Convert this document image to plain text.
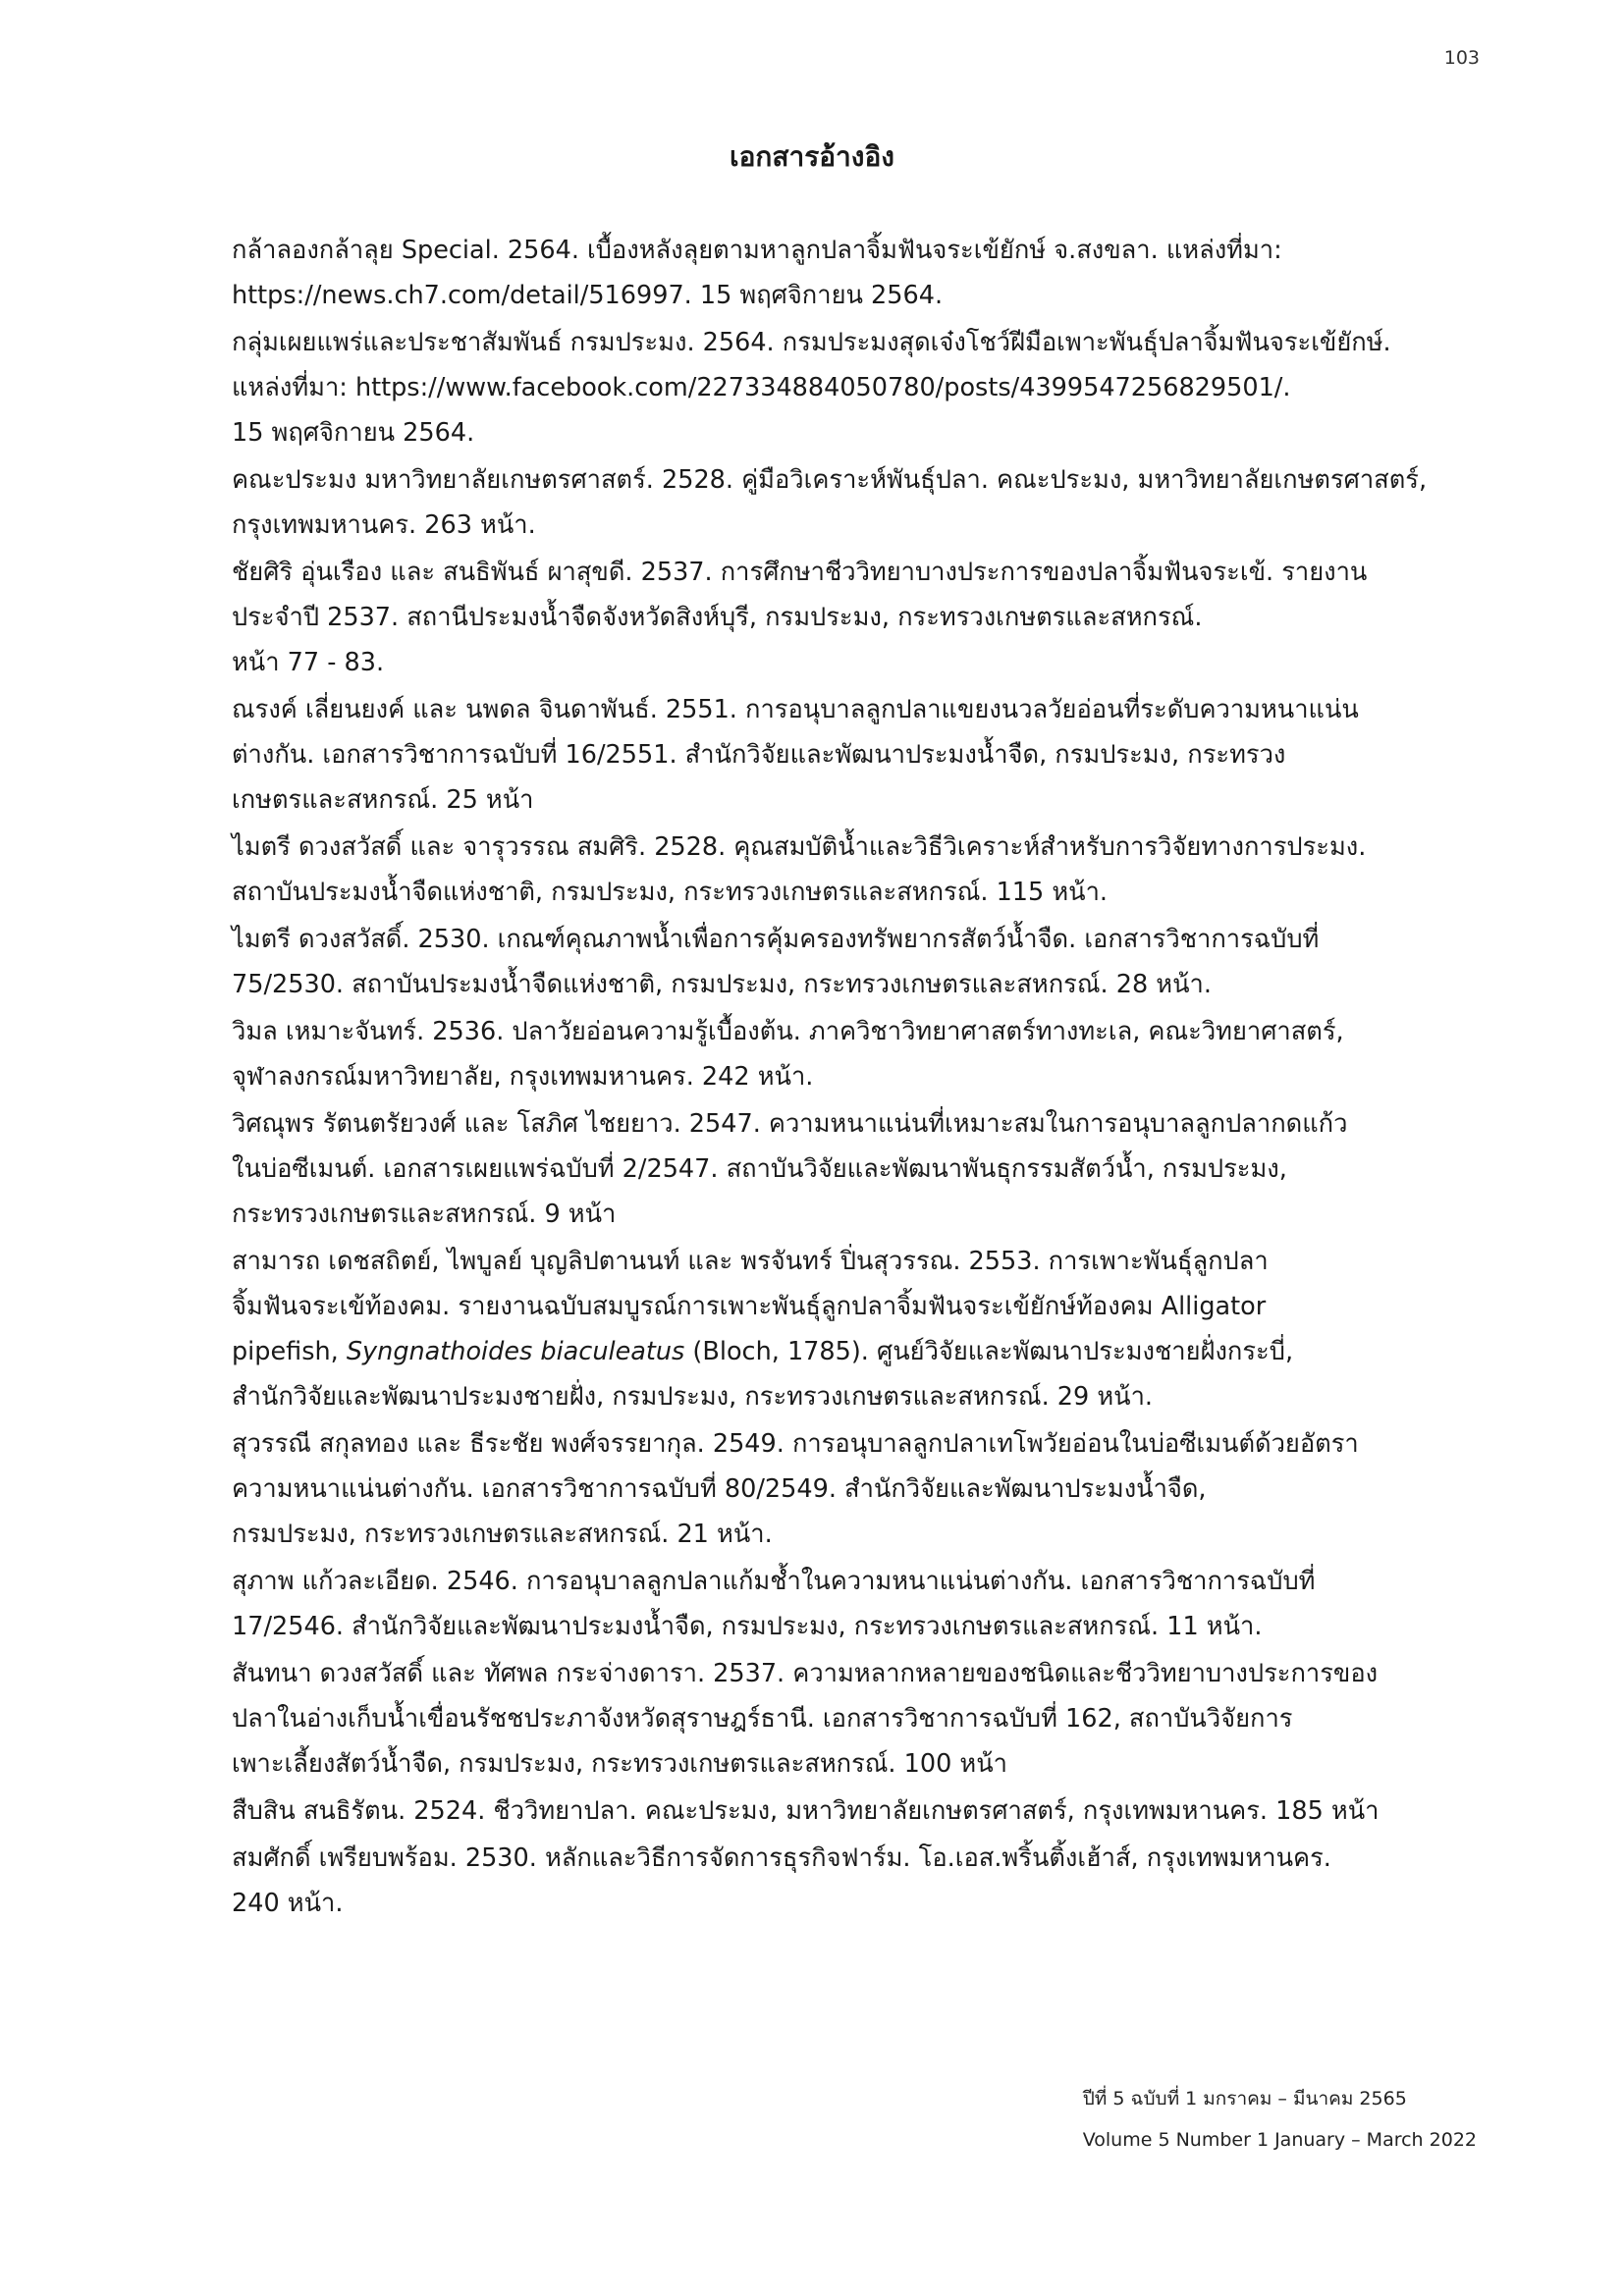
103
เอกสารอ้างอิง
กล้าลองกล้าลุย Special. 2564. เบื้องหลังลุยตามหาลูกปลาจิ้มฟันจระเข้ยักษ์ จ.สงขลา. แหล่งที่มา:
https://news.ch7.com/detail/516997. 15 พฤศจิกายน 2564.
กลุ่มเผยแพร่และประชาสัมพันธ์ กรมประมง. 2564. กรมประมงสุดเจ๋งโชว์ฝีมือเพาะพันธุ์ปลาจิ้มฟันจระเข้ยักษ์.
แหล่งที่มา: https://www.facebook.com/227334884050780/posts/4399547256829501/.
15 พฤศจิกายน 2564.
คณะประมง มหาวิทยาลัยเกษตรศาสตร์. 2528. คู่มือวิเคราะห์พันธุ์ปลา. คณะประมง, มหาวิทยาลัยเกษตรศาสตร์,
กรุงเทพมหานคร. 263 หน้า.
ชัยศิริ อุ่นเรือง และ สนธิพันธ์ ผาสุขดี. 2537. การศึกษาชีววิทยาบางประการของปลาจิ้มฟันจระเข้. รายงาน
ประจำปี 2537. สถานีประมงน้ำจืดจังหวัดสิงห์บุรี, กรมประมง, กระทรวงเกษตรและสหกรณ์.
หน้า 77 - 83.
ณรงค์ เลี่ยนยงค์ และ นพดล จินดาพันธ์. 2551. การอนุบาลลูกปลาแขยงนวลวัยอ่อนที่ระดับความหนาแน่น
ต่างกัน. เอกสารวิชาการฉบับที่ 16/2551. สำนักวิจัยและพัฒนาประมงน้ำจืด, กรมประมง, กระทรวง
เกษตรและสหกรณ์. 25 หน้า
ไมตรี ดวงสวัสดิ์ และ จารุวรรณ สมศิริ. 2528. คุณสมบัติน้ำและวิธีวิเคราะห์สำหรับการวิจัยทางการประมง.
สถาบันประมงน้ำจืดแห่งชาติ, กรมประมง, กระทรวงเกษตรและสหกรณ์. 115 หน้า.
ไมตรี ดวงสวัสดิ์. 2530. เกณฑ์คุณภาพน้ำเพื่อการคุ้มครองทรัพยากรสัตว์น้ำจืด. เอกสารวิชาการฉบับที่
75/2530. สถาบันประมงน้ำจืดแห่งชาติ, กรมประมง, กระทรวงเกษตรและสหกรณ์. 28 หน้า.
วิมล เหมาะจันทร์. 2536. ปลาวัยอ่อนความรู้เบื้องต้น. ภาควิชาวิทยาศาสตร์ทางทะเล, คณะวิทยาศาสตร์,
จุฬาลงกรณ์มหาวิทยาลัย, กรุงเทพมหานคร. 242 หน้า.
วิศณุพร รัตนตรัยวงศ์ และ โสภิศ ไชยยาว. 2547. ความหนาแน่นที่เหมาะสมในการอนุบาลลูกปลากดแก้ว
ในบ่อซีเมนต์. เอกสารเผยแพร่ฉบับที่ 2/2547. สถาบันวิจัยและพัฒนาพันธุกรรมสัตว์น้ำ, กรมประมง,
กระทรวงเกษตรและสหกรณ์. 9 หน้า
สามารถ เดชสถิตย์, ไพบูลย์ บุญลิปตานนท์ และ พรจันทร์ ปิ่นสุวรรณ. 2553. การเพาะพันธุ์ลูกปลา
จิ้มฟันจระเข้ท้องคม. รายงานฉบับสมบูรณ์การเพาะพันธุ์ลูกปลาจิ้มฟันจระเข้ยักษ์ท้องคม Alligator
pipefish, Syngnathoides biaculeatus (Bloch, 1785). ศูนย์วิจัยและพัฒนาประมงชายฝั่งกระบี่,
สำนักวิจัยและพัฒนาประมงชายฝั่ง, กรมประมง, กระทรวงเกษตรและสหกรณ์. 29 หน้า.
สุวรรณี สกุลทอง และ ธีระชัย พงศ์จรรยากุล. 2549. การอนุบาลลูกปลาเทโพวัยอ่อนในบ่อซีเมนต์ด้วยอัตรา
ความหนาแน่นต่างกัน. เอกสารวิชาการฉบับที่ 80/2549. สำนักวิจัยและพัฒนาประมงน้ำจืด,
กรมประมง, กระทรวงเกษตรและสหกรณ์. 21 หน้า.
สุภาพ แก้วละเอียด. 2546. การอนุบาลลูกปลาแก้มช้ำในความหนาแน่นต่างกัน. เอกสารวิชาการฉบับที่
17/2546. สำนักวิจัยและพัฒนาประมงน้ำจืด, กรมประมง, กระทรวงเกษตรและสหกรณ์. 11 หน้า.
สันทนา ดวงสวัสดิ์ และ ทัศพล กระจ่างดารา. 2537. ความหลากหลายของชนิดและชีววิทยาบางประการของ
ปลาในอ่างเก็บน้ำเขื่อนรัชชประภาจังหวัดสุราษฎร์ธานี. เอกสารวิชาการฉบับที่ 162, สถาบันวิจัยการ
เพาะเลี้ยงสัตว์น้ำจืด, กรมประมง, กระทรวงเกษตรและสหกรณ์. 100 หน้า
สืบสิน สนธิรัตน. 2524. ชีววิทยาปลา. คณะประมง, มหาวิทยาลัยเกษตรศาสตร์, กรุงเทพมหานคร. 185 หน้า
สมศักดิ์ เพรียบพร้อม. 2530. หลักและวิธีการจัดการธุรกิจฟาร์ม. โอ.เอส.พริ้นติ้งเฮ้าส์, กรุงเทพมหานคร.
240 หน้า.
ปีที่ 5 ฉบับที่ 1 มกราคม – มีนาคม 2565
Volume 5 Number 1 January – March 2022
